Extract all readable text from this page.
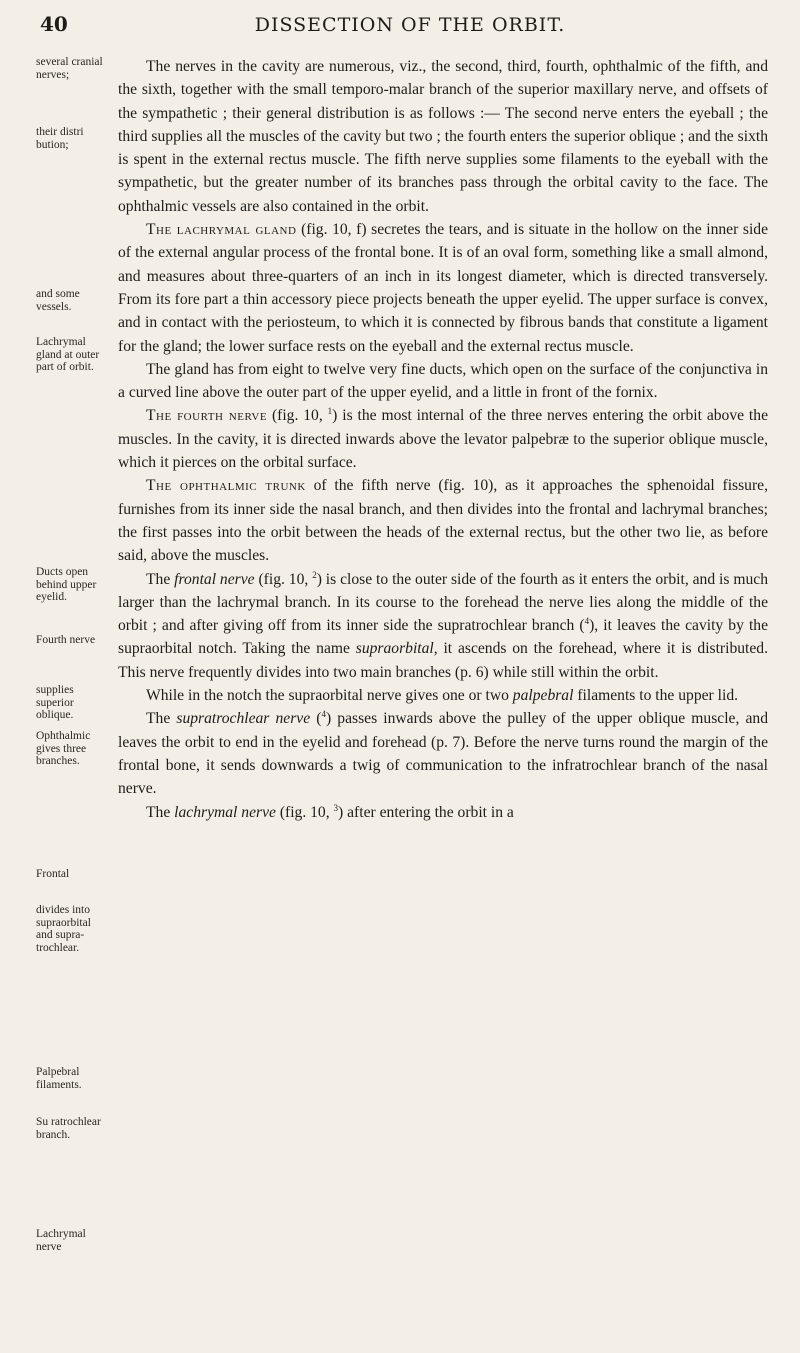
40	DISSECTION OF THE ORBIT.
several cranial nerves;
their distri bution;
and some vessels.
Lachrymal gland at outer part of orbit.
Ducts open behind upper eyelid.
Fourth nerve
supplies superior oblique.
Ophthalmic gives three branches.
Frontal
divides into supraorbital and supratrochlear.
Palpebral filaments.
Su ratrochlear branch.
Lachrymal nerve

The nerves in the cavity are numerous, viz., the second, third, fourth, ophthalmic of the fifth, and the sixth, together with the small temporo-malar branch of the superior maxillary nerve, and offsets of the sympathetic ; their general distribution is as follows :— The second nerve enters the eyeball ; the third supplies all the muscles of the cavity but two ; the fourth enters the superior oblique ; and the sixth is spent in the external rectus muscle. The fifth nerve supplies some filaments to the eyeball with the sympathetic, but the greater number of its branches pass through the orbital cavity to the face. The ophthalmic vessels are also contained in the orbit.

The lachrymal gland (fig. 10, f) secretes the tears, and is situate in the hollow on the inner side of the external angular process of the frontal bone. It is of an oval form, something like a small almond, and measures about three-quarters of an inch in its longest diameter, which is directed transversely. From its fore part a thin accessory piece projects beneath the upper eyelid. The upper surface is convex, and in contact with the periosteum, to which it is connected by fibrous bands that constitute a ligament for the gland; the lower surface rests on the eyeball and the external rectus muscle.

The gland has from eight to twelve very fine ducts, which open on the surface of the conjunctiva in a curved line above the outer part of the upper eyelid, and a little in front of the fornix.

The fourth nerve (fig. 10, $^1$) is the most internal of the three nerves entering the orbit above the muscles. In the cavity, it is directed inwards above the levator palpebræ to the superior oblique muscle, which it pierces on the orbital surface.

The ophthalmic trunk of the fifth nerve (fig. 10), as it approaches the sphenoidal fissure, furnishes from its inner side the nasal branch, and then divides into the frontal and lachrymal branches; the first passes into the orbit between the heads of the external rectus, but the other two lie, as before said, above the muscles.

The frontal nerve (fig. 10, $^2$) is close to the outer side of the fourth as it enters the orbit, and is much larger than the lachrymal branch. In its course to the forehead the nerve lies along the middle of the orbit ; and after giving off from its inner side the supratrochlear branch ($^4$), it leaves the cavity by the supraorbital notch. Taking the name supraorbital, it ascends on the forehead, where it is distributed. This nerve frequently divides into two main branches (p. 6) while still within the orbit.

While in the notch the supraorbital nerve gives one or two palpebral filaments to the upper lid.

The supratrochlear nerve ($^4$) passes inwards above the pulley of the upper oblique muscle, and leaves the orbit to end in the eyelid and forehead (p. 7). Before the nerve turns round the margin of the frontal bone, it sends downwards a twig of communication to the infratrochlear branch of the nasal nerve.

The lachrymal nerve (fig. 10, $^3$) after entering the orbit in a
